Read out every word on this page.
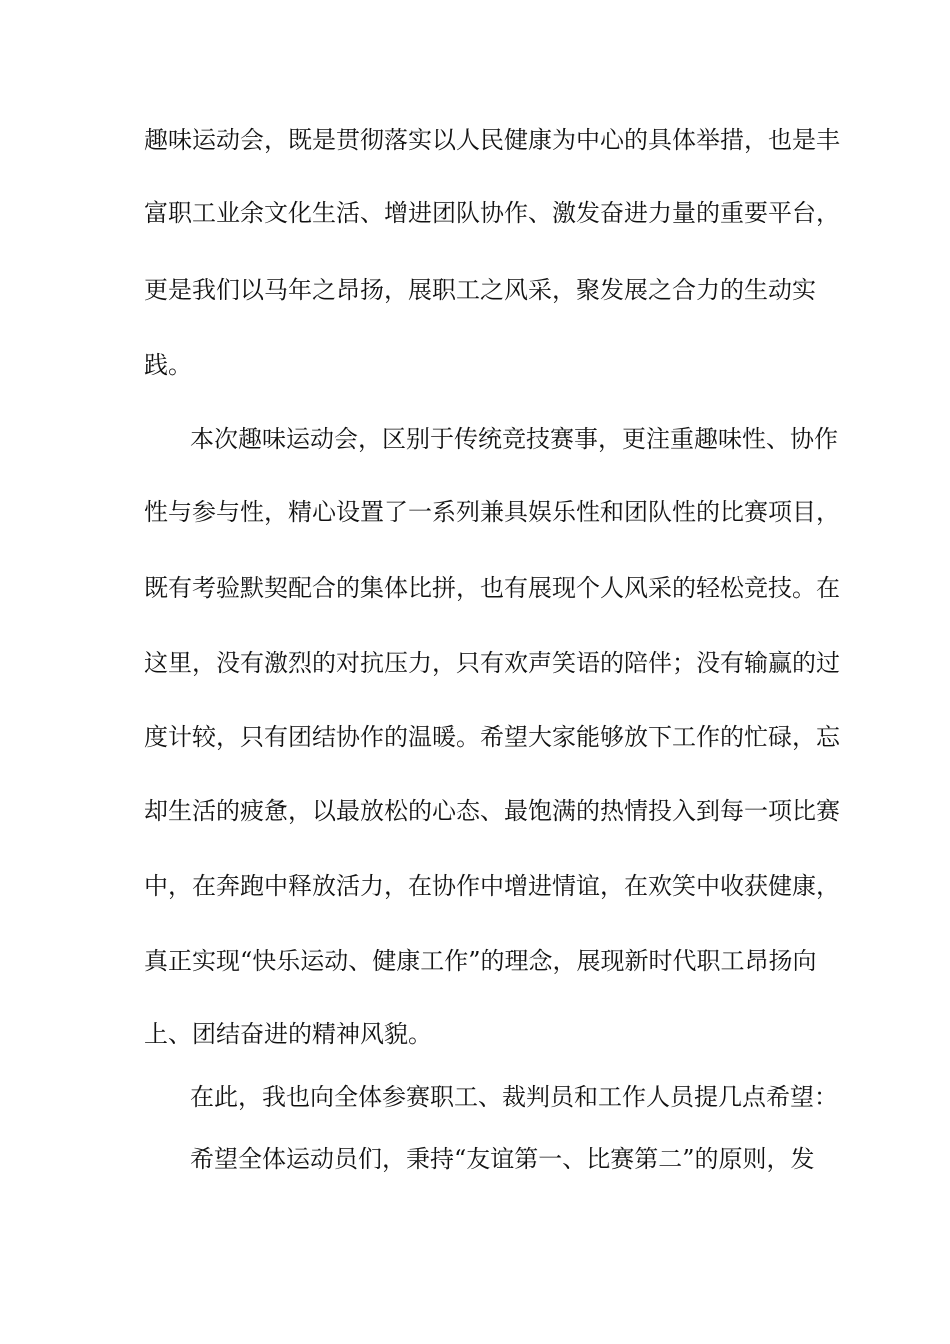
趣味运动会，既是贯彻落实以人民健康为中心的具体举措，也是丰
富职工业余文化生活、增进团队协作、激发奋进力量的重要平台，
更是我们以马年之昂扬，展职工之风采，聚发展之合力的生动实
践。
本次趣味运动会，区别于传统竞技赛事，更注重趣味性、协作
性与参与性，精心设置了一系列兼具娱乐性和团队性的比赛项目，
既有考验默契配合的集体比拼，也有展现个人风采的轻松竞技。在
这里，没有激烈的对抗压力，只有欢声笑语的陪伴；没有输赢的过
度计较，只有团结协作的温暖。希望大家能够放下工作的忙碌，忘
却生活的疲惫，以最放松的心态、最饱满的热情投入到每一项比赛
中，在奔跑中释放活力，在协作中增进情谊，在欢笑中收获健康，
真正实现“快乐运动、健康工作”的理念，展现新时代职工昂扬向
上、团结奋进的精神风貌。
在此，我也向全体参赛职工、裁判员和工作人员提几点希望：
希望全体运动员们，秉持“友谊第一、比赛第二”的原则，发
